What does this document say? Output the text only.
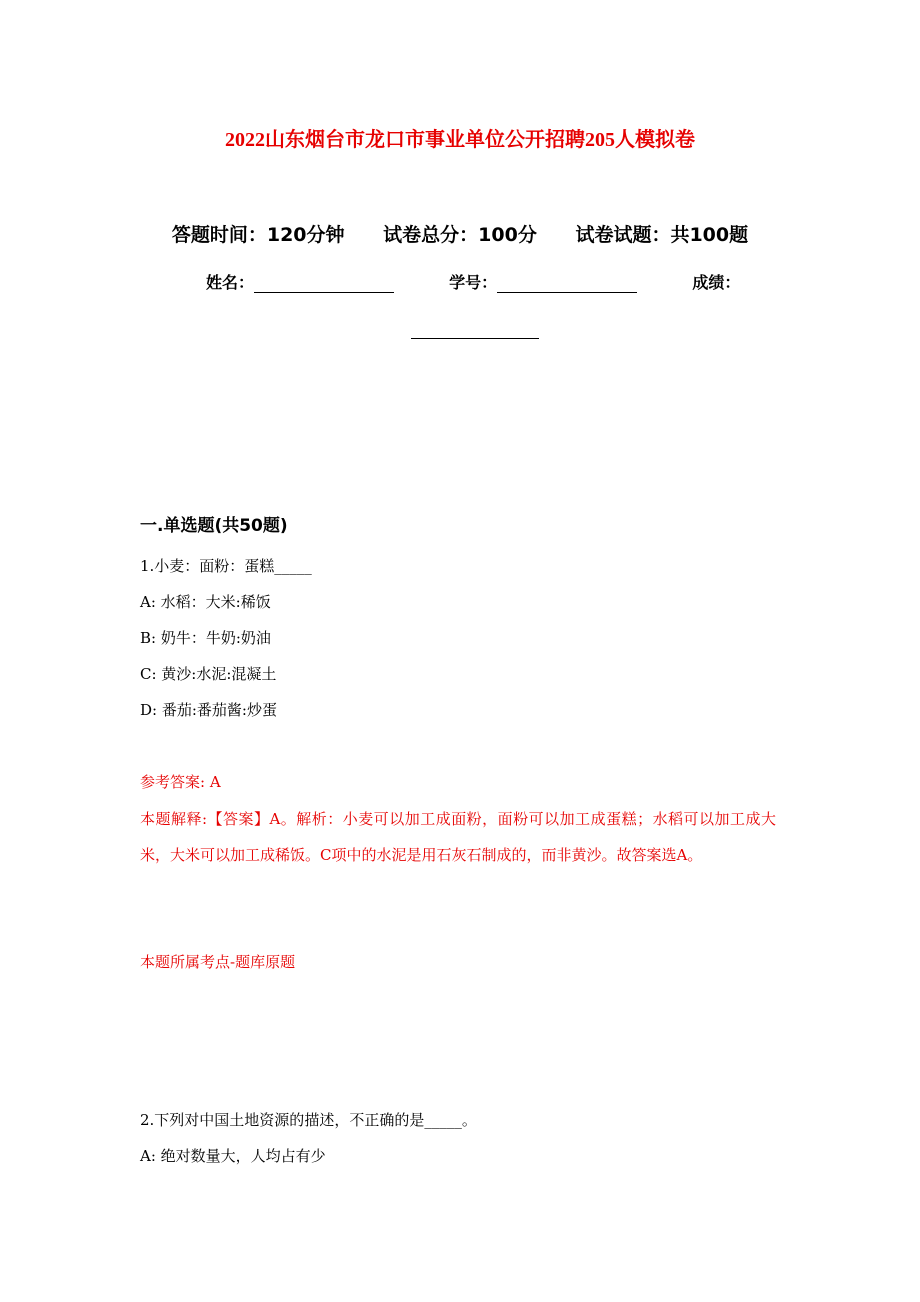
2022山东烟台市龙口市事业单位公开招聘205人模拟卷
答题时间：120分钟 试卷总分：100分 试卷试题：共100题
姓名：	学号：	成绩：
一.单选题(共50题)
1.小麦：面粉：蛋糕_____
A: 水稻：大米:稀饭
B: 奶牛：牛奶:奶油
C: 黄沙:水泥:混凝土
D: 番茄:番茄酱:炒蛋
参考答案: A
本题解释:【答案】A。解析：小麦可以加工成面粉，面粉可以加工成蛋糕；水稻可以加工成大米，大米可以加工成稀饭。C项中的水泥是用石灰石制成的，而非黄沙。故答案选A。
本题所属考点-题库原题
2.下列对中国土地资源的描述，不正确的是_____。
A: 绝对数量大，人均占有少
